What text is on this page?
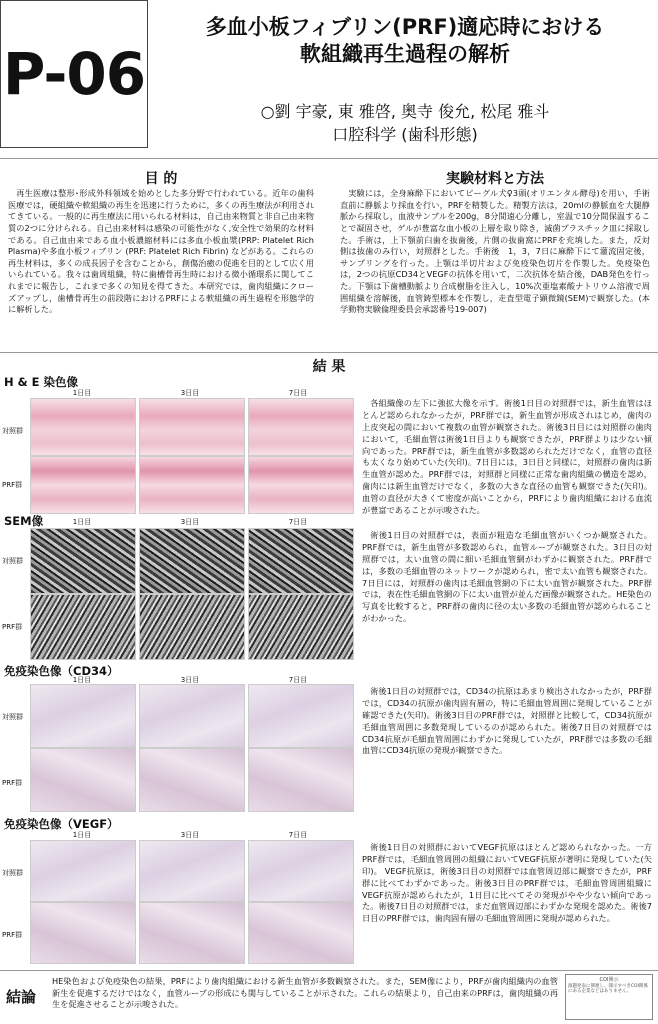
P-06
多血小板フィブリン(PRF)適応時における
軟組織再生過程の解析
○劉 宇豪, 東 雅啓, 奥寺 俊允, 松尾 雅斗
口腔科学 (歯科形態)
目 的
再生医療は整形･形成外科領域を始めとした多分野で行われている。近年の歯科医療では，硬組織や軟組織の再生を迅速に行うために，多くの再生療法が利用されてきている。一般的に再生療法に用いられる材料は，自己由来物質と非自己由来物質の2つに分けられる。自己由来材料は感染の可能性がなく,安全性で効果的な材料である。自己血由来である血小板濃縮材料には多血小板血漿(PRP: Platelet Rich Plasma)や多血小板フィブリン (PRF: Platelet Rich Fibrin) などがある。これらの再生材料は，多くの成長因子を含むことから，創傷治癒の促進を目的として広く用いられている。我々は歯周組織，特に歯槽骨再生時における微小循環系に関してこれまでに報告し，これまで多くの知見を得てきた。本研究では，歯肉組織にクローズアップし，歯槽骨再生の前段階におけるPRFによる軟組織の再生過程を形態学的に解析した。
実験材料と方法
実験には，全身麻酔下においてビーグル犬♀3頭(オリエンタル酵母)を用い，手術直前に静脈より採血を行い，PRFを精製した。精製方法は，20mlの静脈血を大腿静脈から採取し，血液サンプルを200g，8分間遠心分離し，室温で10分間保温することで凝固させ，ゲルが豊富な血小板の上層を取り除き，滅菌プラスチック皿に採取した。手術は，上下顎前臼歯を抜歯後，片側の抜歯窩にPRFを充填した。また，反対側は抜歯のみ行い，対照群とした。手術後　1，3，7日に麻酔下にて灌流固定後，サンプリングを行った。上顎は半切片および免疫染色切片を作製した。免疫染色は，2つの抗原CD34とVEGFの抗体を用いて，二次抗体を結合後，DAB発色を行った。下顎は下歯槽動脈より合成樹脂を注入し，10%次亜塩素酸ナトリウム溶液で周囲組織を溶解後，血管鋳型標本を作製し，走査型電子顕微鏡(SEM)で観察した。(本学動物実験倫理委員会承認番号19-007)
結 果
H & E 染色像
1日目	3日目	7日目
対照群
PRF群
各組織像の左下に強拡大像を示す。術後1日目の対照群では，新生血管はほとんど認められなかったが，PRF群では，新生血管が形成されはじめ，歯肉の上皮突起の間において複数の血管が観察された。術後3日目には対照群の歯肉において，毛細血管は術後1日目よりも観察できたが，PRF群よりは少ない傾向であった。PRF群では，新生血管が多数認められただけでなく，血管の直径も太くなり始めていた(矢印)。7日目には，3日目と同様に，対照群の歯肉は新生血管が認めた。PRF群では，対照群と同様に正常な歯肉組織の構造を認め，歯肉には新生血管だけでなく，多数の大きな直径の血管も観察できた(矢印)。 血管の直径が大きくて密度が高いことから，PRFにより歯肉組織における血流が豊富であることが示唆された。
SEM像	1日目	3日目	7日目
対照群
PRF群
術後1日目の対照群では，表面が粗造な毛細血管がいくつか観察された。PRF群では，新生血管が多数認められ，血管ループが観察された。3日目の対照群では，太い血管の間に細い毛細血管網がわずかに観察された。PRF群では，多数の毛細血管のネットワークが認められ，密で太い血管も観察された。7日目には，対照群の歯肉は毛細血管網の下に太い血管が観察された。PRF群では，表在性毛細血管網の下に太い血管が並んだ画像が観察された。HE染色の写真を比較すると，PRF群の歯肉に径の太い多数の毛細血管が認められることがわかった。
免疫染色像（CD34）
1日目	3日目	7日目
対照群
PRF群
術後1日目の対照群では，CD34の抗原はあまり検出されなかったが，PRF群では，CD34の抗原が歯肉固有層の，特に毛細血管周囲に発現していることが確認できた(矢印)。術後3日目のPRF群では，対照群と比較して，CD34抗原が毛細血管周囲に多数発現しているのが認められた。術後7日目の対照群ではCD34抗原が毛細血管周囲にわずかに発現していたが，PRF群では多数の毛細血管にCD34抗原の発現が観察できた。
免疫染色像（VEGF）
1日目	3日目	7日目
対照群
PRF群
術後1日目の対照群においてVEGF抗原はほとんど認められなかった。一方PRF群では，毛細血管周囲の組織においてVEGF抗原が著明に発現していた(矢印)。 VEGF抗原は，術後3日目の対照群では血管周辺部に観察できたが，PRF群に比べてわずかであった。術後3日目のPRF群では，毛細血管周囲組織にVEGF抗原が認められたが，1日目に比べてその発現がやや少ない傾向であった。術後7日目の対照群では，まだ血管周辺部にわずかな発現を認めた。術後7日目のPRF群では，歯肉固有層の毛細血管周囲に発現が認められた。
結論
HE染色および免疫染色の結果，PRFにより歯肉組織における新生血管が多数観察された。また，SEM像により，PRFが歯肉組織内の血管新生を促進するだけではなく，血管ループの形成にも関与していることが示された。これらの結果より，自己由来のPRFは，歯肉組織の再生を促進させることが示唆された。
COI開示
演題発表に関連し、開示すべきCOI関係にある企業などはありません。
